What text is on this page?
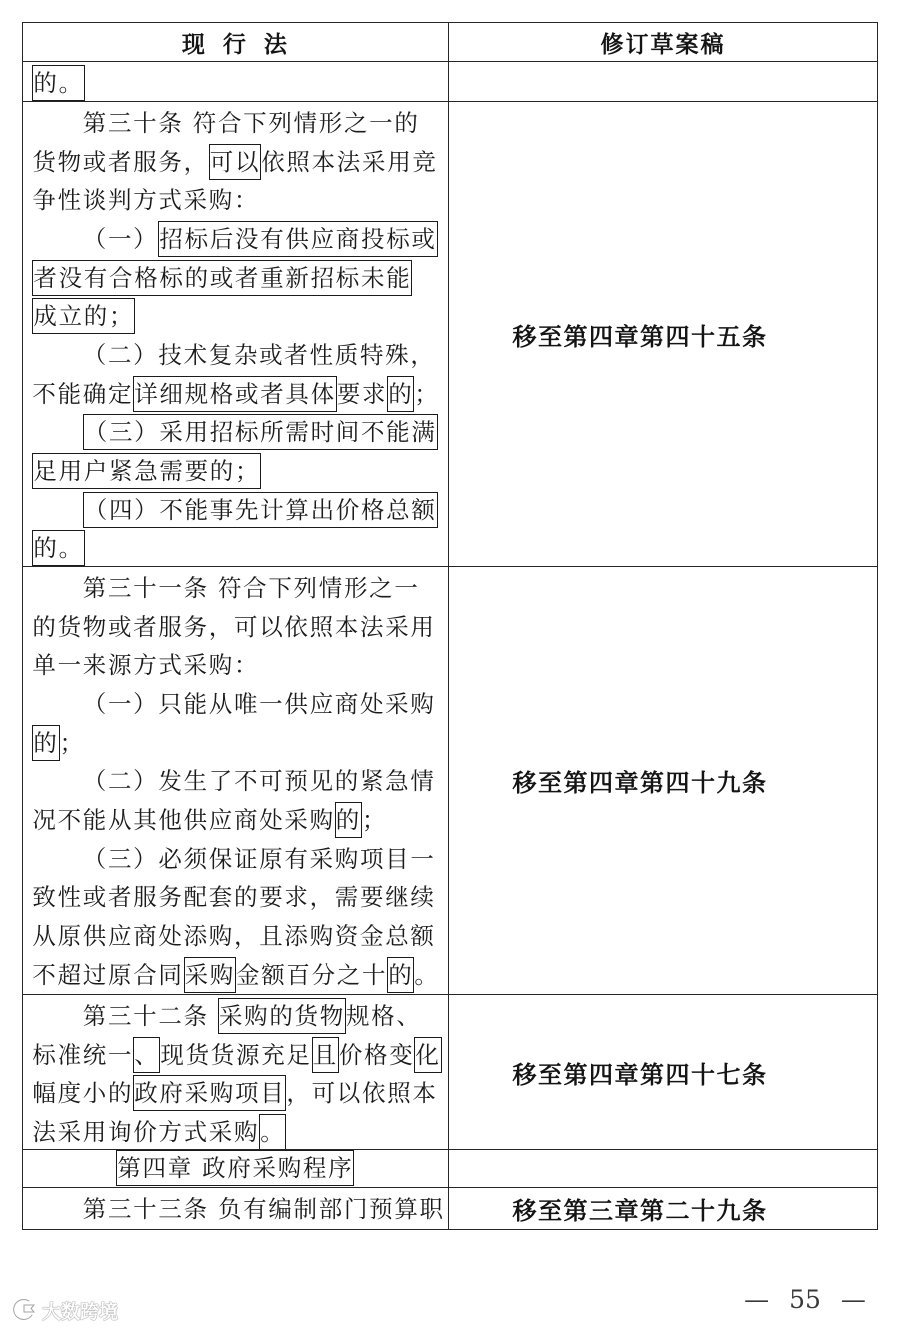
现 行 法	修订草案稿
的。
第三十条 符合下列情形之一的
货物或者服务，可以依照本法采用竞
争性谈判方式采购：
（一）招标后没有供应商投标或
者没有合格标的或者重新招标未能
成立的；
（二）技术复杂或者性质特殊，
不能确定详细规格或者具体要求的；
（三）采用招标所需时间不能满
足用户紧急需要的；
（四）不能事先计算出价格总额
的。
移至第四章第四十五条
第三十一条 符合下列情形之一
的货物或者服务，可以依照本法采用
单一来源方式采购：
（一）只能从唯一供应商处采购
的；
（二）发生了不可预见的紧急情
况不能从其他供应商处采购的；
（三）必须保证原有采购项目一
致性或者服务配套的要求，需要继续
从原供应商处添购，且添购资金总额
不超过原合同采购金额百分之十的。
移至第四章第四十九条
第三十二条 采购的货物规格、
标准统一、现货货源充足且价格变化
幅度小的政府采购项目，可以依照本
法采用询价方式采购。
移至第四章第四十七条
第四章 政府采购程序
第三十三条 负有编制部门预算职	移至第三章第二十九条
— 55 —
大数跨境
